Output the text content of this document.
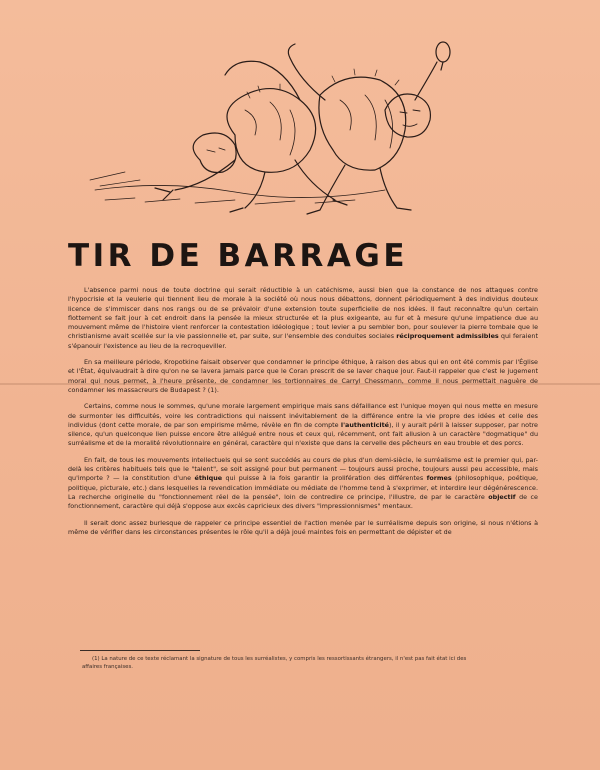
TIR DE BARRAGE

L'absence parmi nous de toute doctrine qui serait réductible à un catéchisme, aussi bien que la constance de nos attaques contre l'hypocrisie et la veulerie qui tiennent lieu de morale à la société où nous nous débattons, donnent périodiquement à des individus douteux licence de s'immiscer dans nos rangs ou de se prévaloir d'une extension toute superficielle de nos idées. Il faut reconnaître qu'un certain flottement se fait jour à cet endroit dans la pensée la mieux structurée et la plus exigeante, au fur et à mesure qu'une impatience due au mouvement même de l'histoire vient renforcer la contestation idéologique ; tout levier a pu sembler bon, pour soulever la pierre tombale que le christianisme avait scellée sur la vie passionnelle et, par suite, sur l'ensemble des conduites sociales réciproquement admissibles qui feraient s'épanouir l'existence au lieu de la recroqueviller.

En sa meilleure période, Kropotkine faisait observer que condamner le principe éthique, à raison des abus qui en ont été commis par l'Église et l'État, équivaudrait à dire qu'on ne se lavera jamais parce que le Coran prescrit de se laver chaque jour. Faut-il rappeler que c'est le jugement moral qui nous permet, à l'heure présente, de condamner les tortionnaires de Carryl Chessmann, comme il nous permettait naguère de condamner les massacreurs de Budapest ? (1).

Certains, comme nous le sommes, qu'une morale largement empirique mais sans défaillance est l'unique moyen qui nous mette en mesure de surmonter les difficultés, voire les contradictions qui naissent inévitablement de la différence entre la vie propre des idées et celle des individus (dont cette morale, de par son empirisme même, révèle en fin de compte l'authenticité), il y aurait péril à laisser supposer, par notre silence, qu'un quelconque lien puisse encore être allégué entre nous et ceux qui, récemment, ont fait allusion à un caractère "dogmatique" du surréalisme et de la moralité révolutionnaire en général, caractère qui n'existe que dans la cervelle des pêcheurs en eau trouble et des porcs.

En fait, de tous les mouvements intellectuels qui se sont succédés au cours de plus d'un demi-siècle, le surréalisme est le premier qui, par-delà les critères habituels tels que le "talent", se soit assigné pour but permanent — toujours aussi proche, toujours aussi peu accessible, mais qu'importe ? — la constitution d'une éthique qui puisse à la fois garantir la prolifération des différentes formes (philosophique, poétique, politique, picturale, etc.) dans lesquelles la revendication immédiate ou médiate de l'homme tend à s'exprimer, et interdire leur dégénérescence. La recherche originelle du "fonctionnement réel de la pensée", loin de contredire ce principe, l'illustre, de par le caractère objectif de ce fonctionnement, caractère qui déjà s'oppose aux excès capricieux des divers "impressionnismes" mentaux.

Il serait donc assez burlesque de rappeler ce principe essentiel de l'action menée par le surréalisme depuis son origine, si nous n'étions à même de vérifier dans les circonstances présentes le rôle qu'il a déjà joué maintes fois en permettant de dépister et de

(1) La nature de ce texte réclamant la signature de tous les surréalistes, y compris les ressortissants étrangers, il n'est pas fait état ici des affaires françaises.
